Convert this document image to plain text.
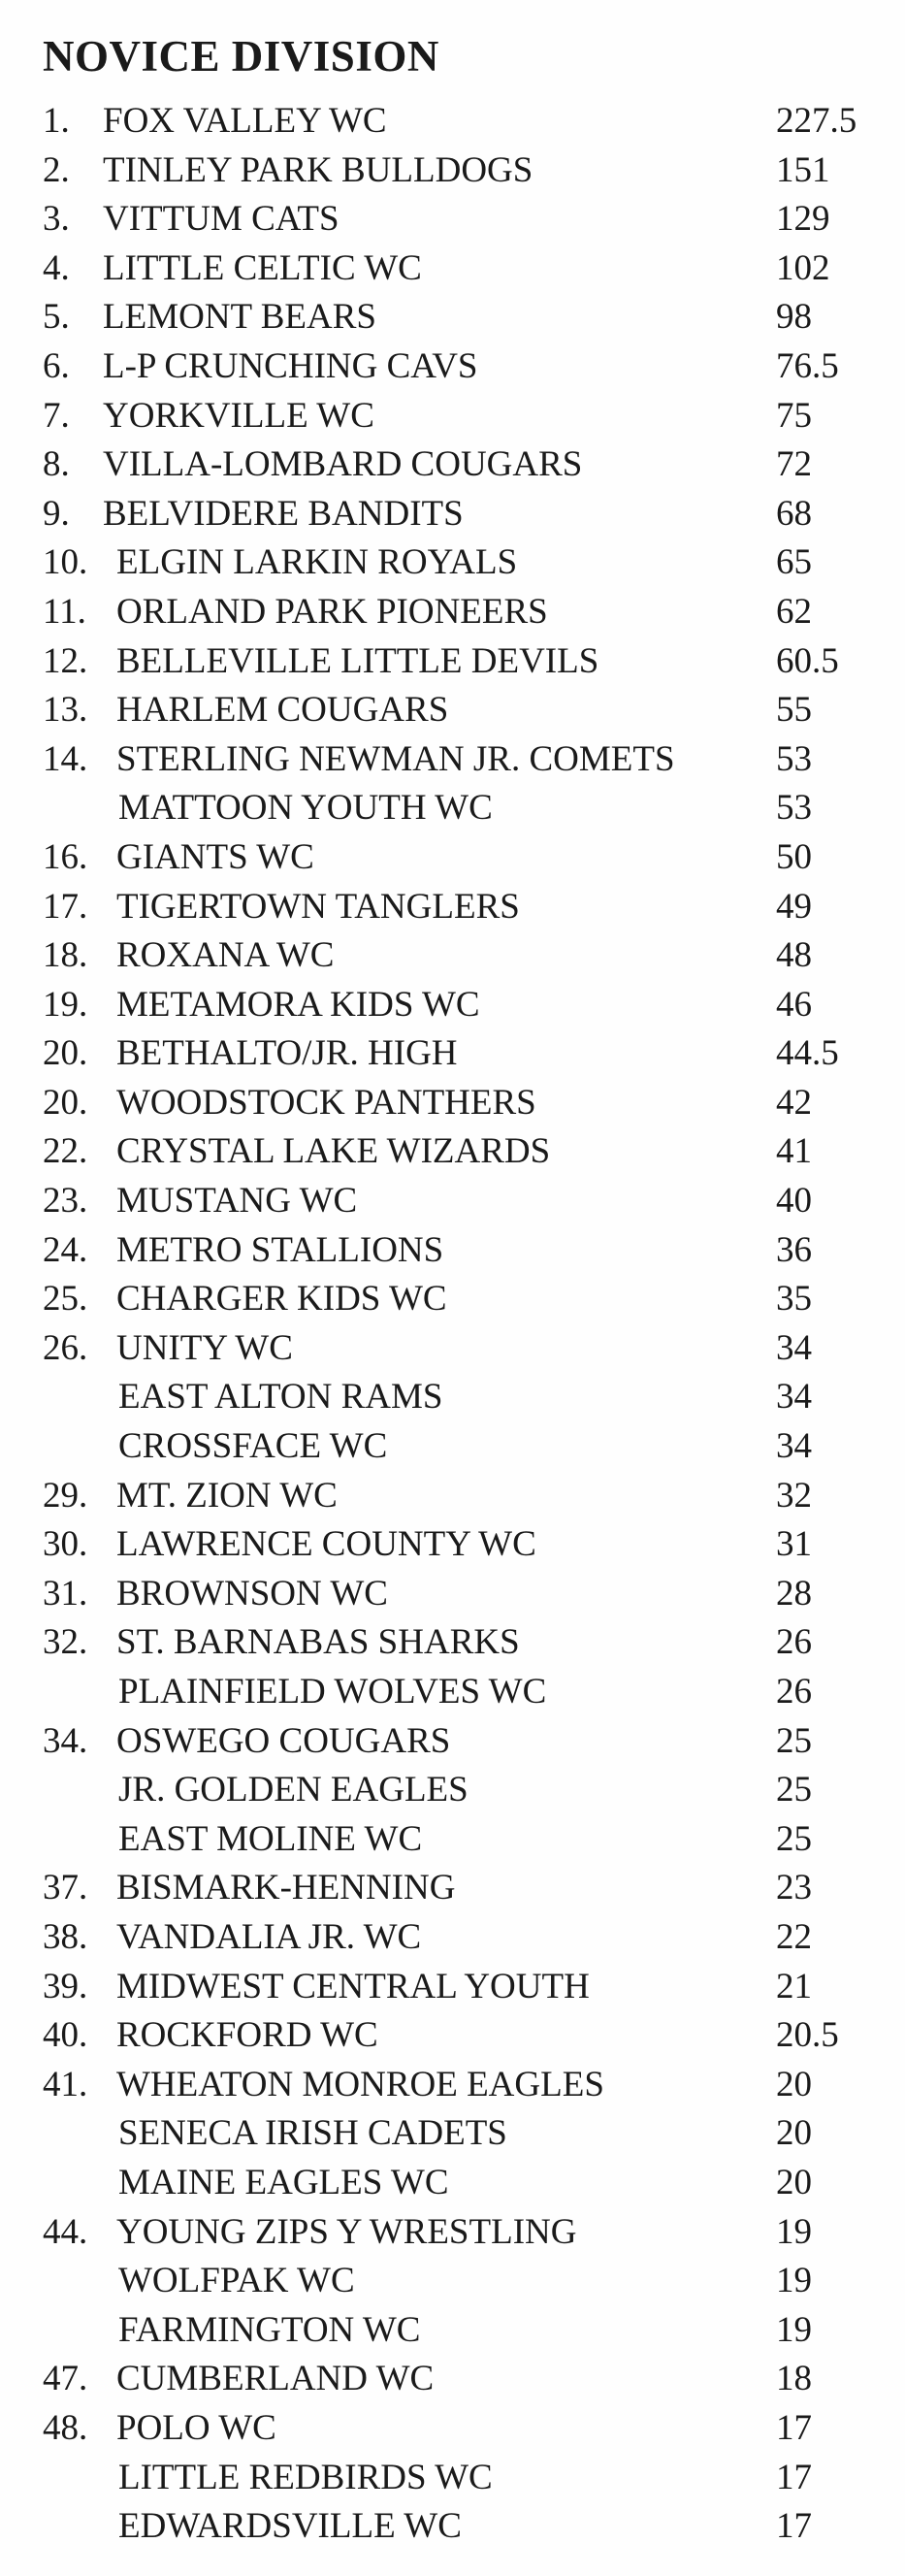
NOVICE DIVISION
1. FOX VALLEY WC	227.5
2. TINLEY PARK BULLDOGS	151
3. VITTUM CATS	129
4. LITTLE CELTIC WC	102
5. LEMONT BEARS	98
6. L-P CRUNCHING CAVS	76.5
7. YORKVILLE WC	75
8. VILLA-LOMBARD COUGARS	72
9. BELVIDERE BANDITS	68
10. ELGIN LARKIN ROYALS	65
11. ORLAND PARK PIONEERS	62
12. BELLEVILLE LITTLE DEVILS	60.5
13. HARLEM COUGARS	55
14. STERLING NEWMAN JR. COMETS	53
MATTOON YOUTH WC	53
16. GIANTS WC	50
17. TIGERTOWN TANGLERS	49
18. ROXANA WC	48
19. METAMORA KIDS WC	46
20. BETHALTO/JR. HIGH	44.5
20. WOODSTOCK PANTHERS	42
22. CRYSTAL LAKE WIZARDS	41
23. MUSTANG WC	40
24. METRO STALLIONS	36
25. CHARGER KIDS WC	35
26. UNITY WC	34
EAST ALTON RAMS	34
CROSSFACE WC	34
29. MT. ZION WC	32
30. LAWRENCE COUNTY WC	31
31. BROWNSON WC	28
32. ST. BARNABAS SHARKS	26
PLAINFIELD WOLVES WC	26
34. OSWEGO COUGARS	25
JR. GOLDEN EAGLES	25
EAST MOLINE WC	25
37. BISMARK-HENNING	23
38. VANDALIA JR. WC	22
39. MIDWEST CENTRAL YOUTH	21
40. ROCKFORD WC	20.5
41. WHEATON MONROE EAGLES	20
SENECA IRISH CADETS	20
MAINE EAGLES WC	20
44. YOUNG ZIPS Y WRESTLING	19
WOLFPAK WC	19
FARMINGTON WC	19
47. CUMBERLAND WC	18
48. POLO WC	17
LITTLE REDBIRDS WC	17
EDWARDSVILLE WC	17
